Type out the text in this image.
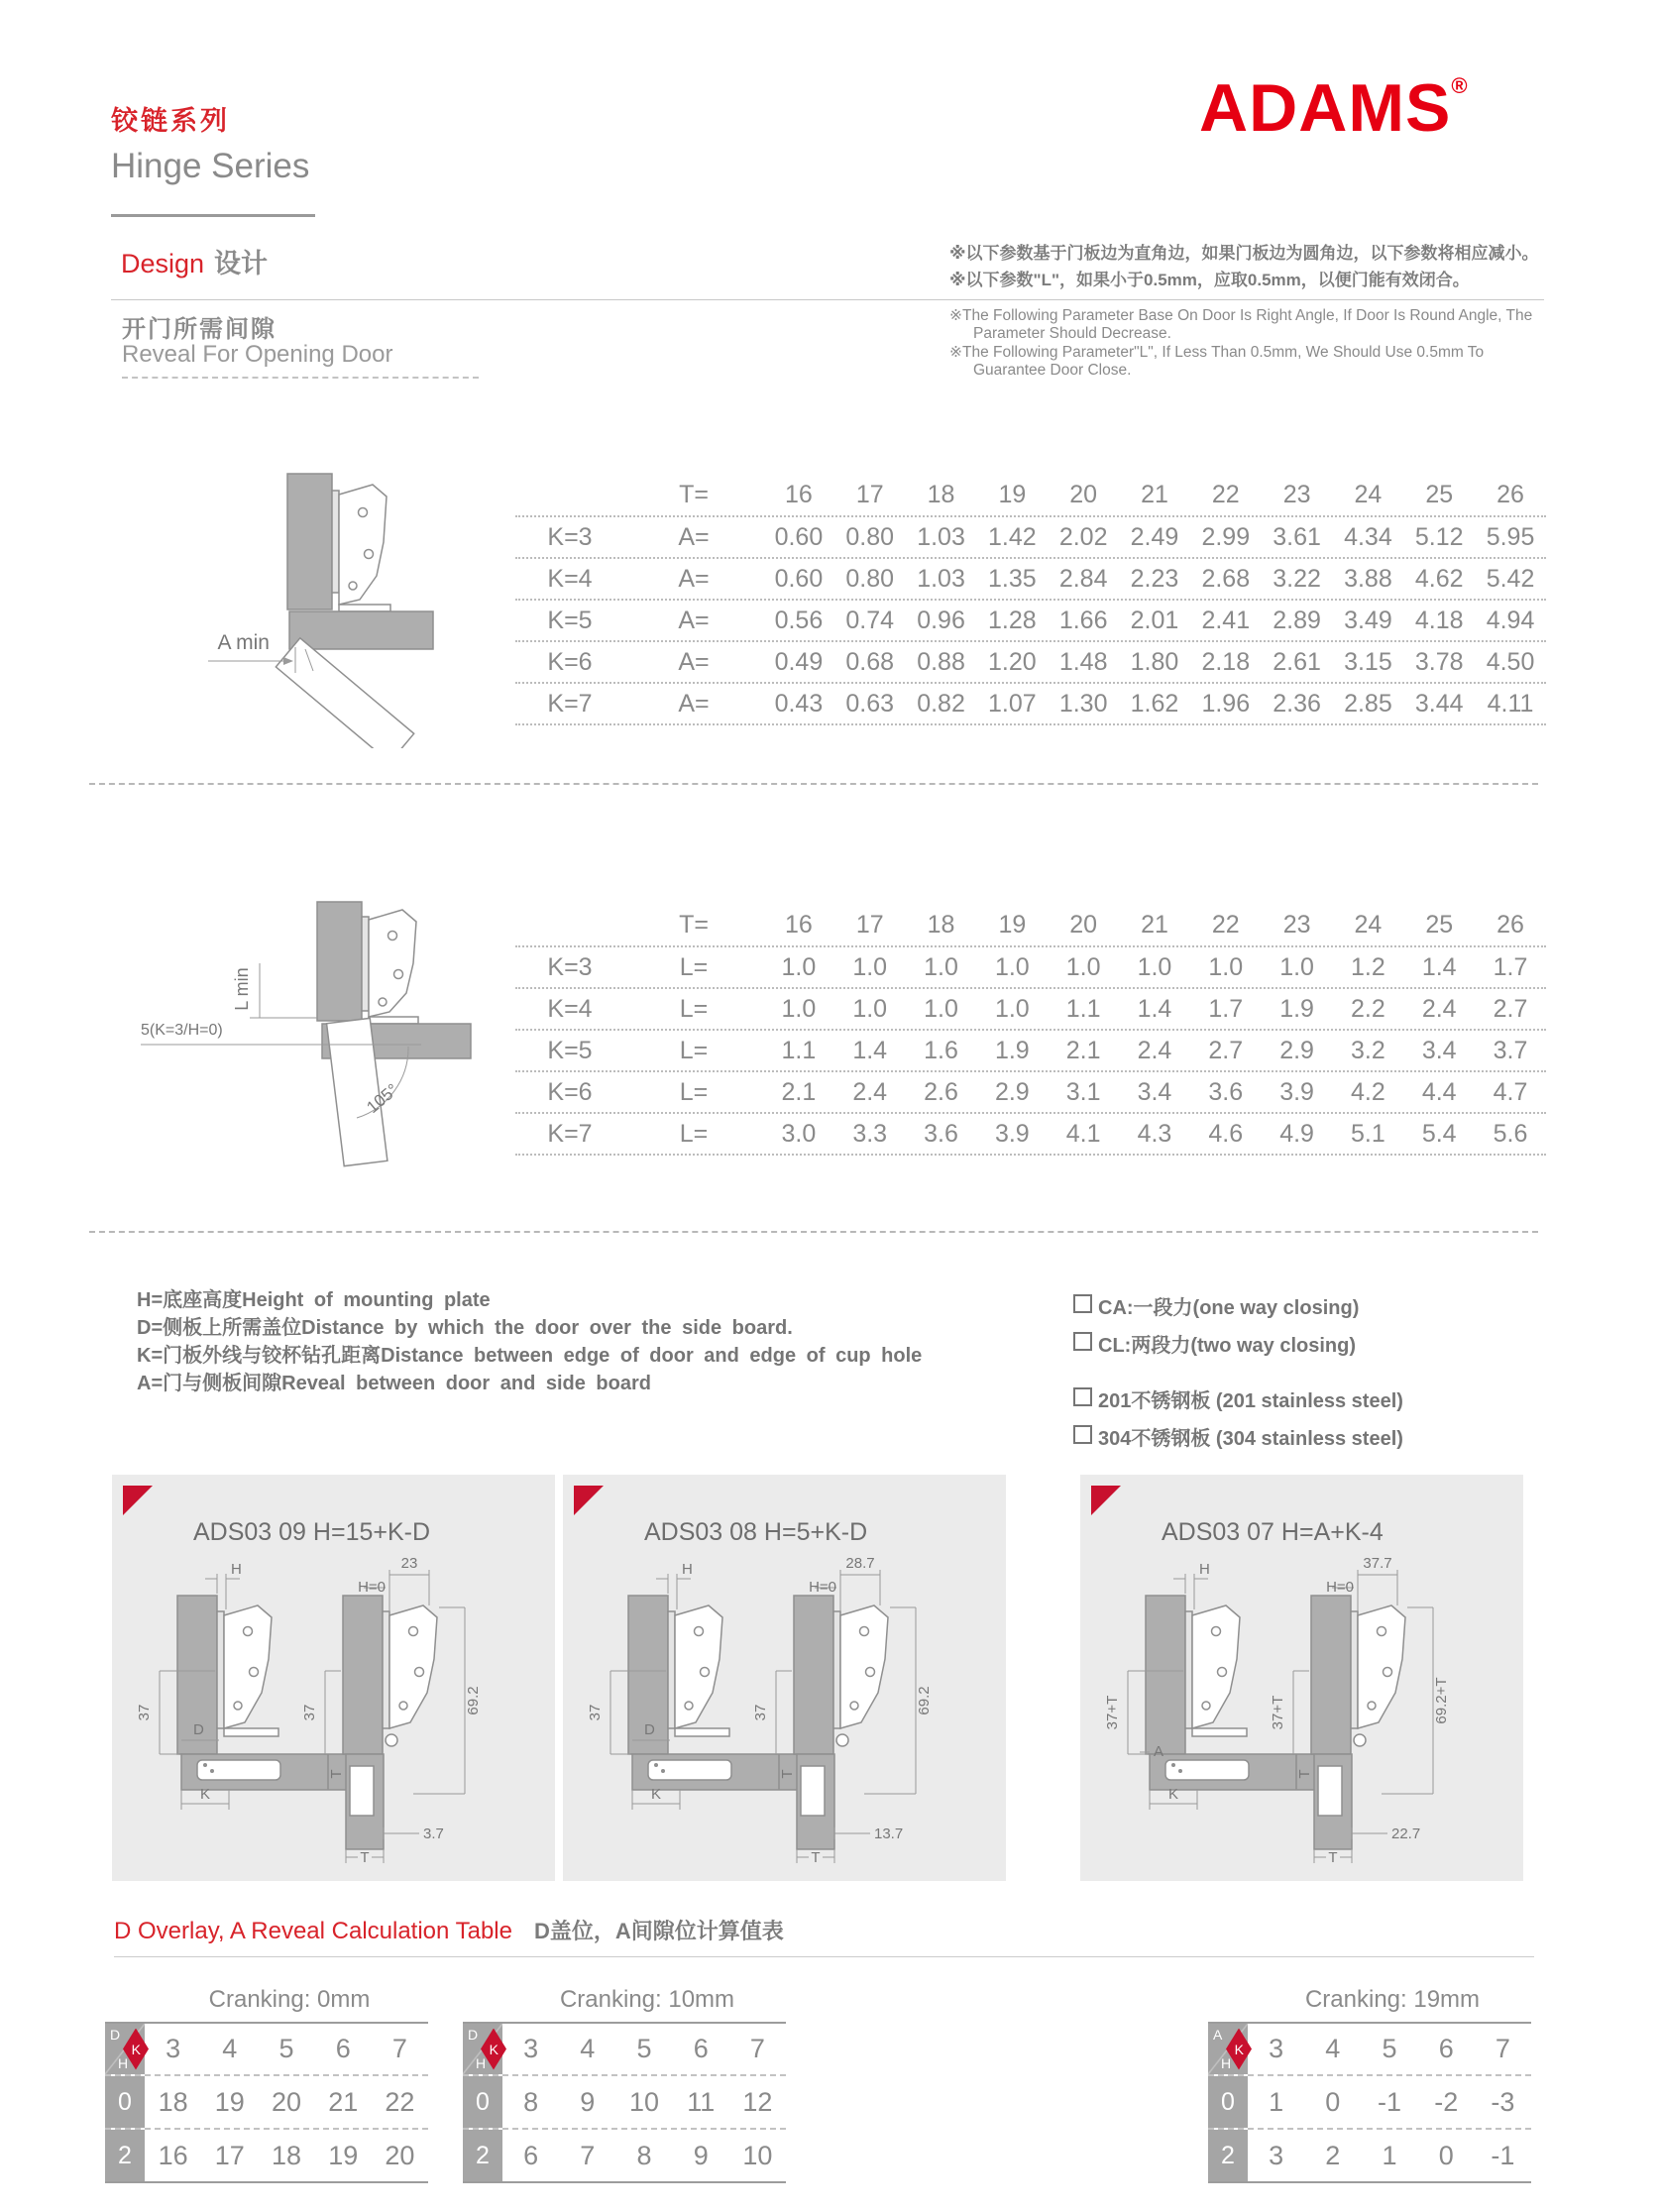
铰链系列
Hinge Series
Design 设计
ADAMS®
※以下参数基于门板边为直角边，如果门板边为圆角边，以下参数将相应减小。
※以下参数"L"，如果小于0.5mm，应取0.5mm，以便门能有效闭合。

※The Following Parameter Base On Door Is Right Angle, If Door Is Round Angle, The Parameter Should Decrease.

※The Following Parameter"L", If Less Than 0.5mm, We Should Use 0.5mm To Guarantee Door Close.

开门所需间隙
Reveal For Opening Door
A min
T=	16	17	18	19	20	21	22	23	24	25	26
K=3	A=	0.60 0.80 1.03 1.42 2.02 2.49 2.99 3.61 4.34 5.12 5.95
K=4	A=	0.60 0.80 1.03 1.35 2.84 2.23 2.68 3.22 3.88 4.62 5.42
K=5	A=	0.56 0.74 0.96 1.28 1.66 2.01 2.41 2.89 3.49 4.18 4.94
K=6	A=	0.49 0.68 0.88 1.20 1.48 1.80 2.18 2.61 3.15 3.78 4.50
K=7	A=	0.43 0.63 0.82 1.07 1.30 1.62 1.96 2.36 2.85 3.44 4.11
L min
5(K=3/H=0)
105°
T=	16	17	18	19	20	21	22	23	24	25	26
K=3	L=	1.0	1.0	1.0	1.0	1.0	1.0	1.0	1.0	1.2	1.4	1.7
K=4	L=	1.0	1.0	1.0	1.0	1.1	1.4	1.7	1.9	2.2	2.4	2.7
K=5	L=	1.1	1.4	1.6	1.9	2.1	2.4	2.7	2.9	3.2	3.4	3.7
K=6	L=	2.1	2.4	2.6	2.9	3.1	3.4	3.6	3.9	4.2	4.4	4.7
K=7	L=	3.0	3.3	3.6	3.9	4.1	4.3	4.6	4.9	5.1	5.4	5.6
H=底座高度Height of mounting plate
D=侧板上所需盖位Distance by which the door over the side board.
K=门板外线与铰杯钻孔距离Distance between edge of door and edge of cup hole
A=门与侧板间隙Reveal between door and side board
CA:一段力(one way closing)
CL:两段力(two way closing)
201不锈钢板 (201 stainless steel)
304不锈钢板 (304 stainless steel)
ADS03 09 H=15+K-D
H
37
D
K
T
23
H=0
37	69.2
3.7
T
ADS03 08 H=5+K-D
H
37
D
K
T
28.7
H=0
37	69.2
13.7
T
ADS03 07 H=A+K-4
H
37+T
A
K
T
37.7
H=0
37+T	69.2+T
22.7
T
D Overlay, A Reveal Calculation Table D盖位，A间隙位计算值表
Cranking: 0mm
D
H
K 3	4	5	6	7
0 18	19	20	21	22
2 16	17	18	19	20
Cranking: 10mm
D
H
K 3	4	5	6	7
0	8	9	10	11	12
2	6	7	8	9	10
Cranking: 19mm
A
H
K 3	4	5	6	7
0	1	0	-1	-2	-3
2	3	2	1	0	-1
